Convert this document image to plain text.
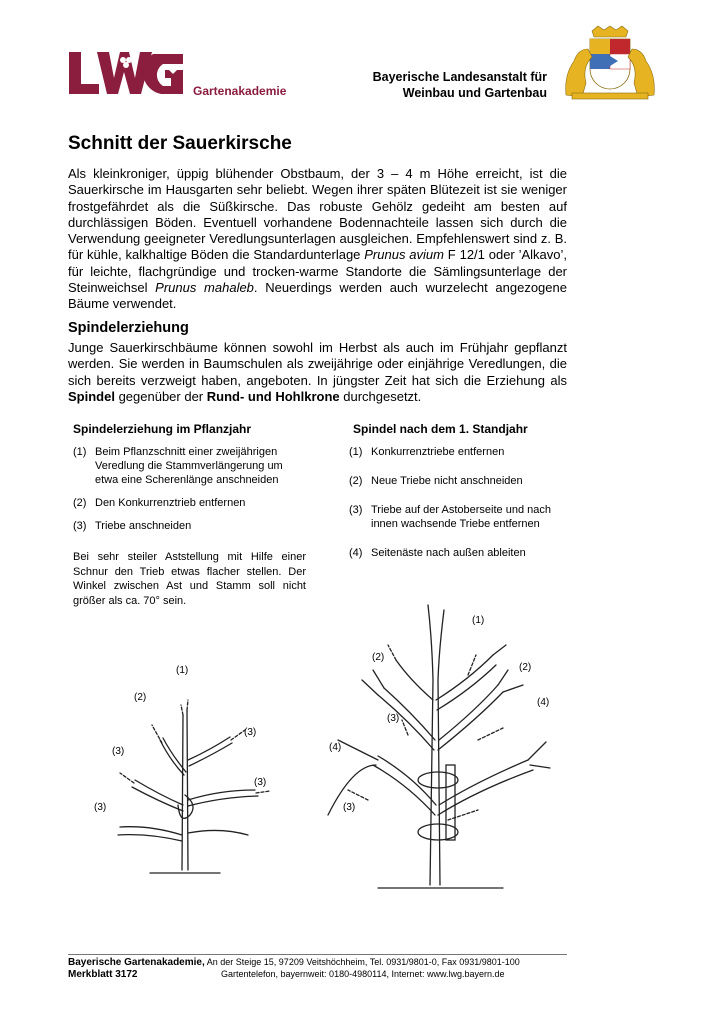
Gartenakademie
Bayerische Landesanstalt für
Weinbau und Gartenbau
Schnitt der Sauerkirsche

Als kleinkroniger, üppig blühender Obstbaum, der 3 – 4 m Höhe erreicht, ist die Sauerkirsche im Hausgarten sehr beliebt. Wegen ihrer späten Blütezeit ist sie weniger frostgefährdet als die Süßkirsche. Das robuste Gehölz gedeiht am besten auf durchlässigen Böden. Eventuell vorhandene Bodennachteile lassen sich durch die Verwendung geeigneter Veredlungsunterlagen ausgleichen. Empfehlenswert sind z. B. für kühle, kalkhaltige Böden die Standardunterlage Prunus avium F 12/1 oder ’Alkavo’, für leichte, flachgründige und trocken-warme Standorte die Sämlingsunterlage der Steinweichsel Prunus mahaleb. Neuerdings werden auch wurzelecht angezogene Bäume verwendet.

Spindelerziehung

Junge Sauerkirschbäume können sowohl im Herbst als auch im Frühjahr gepflanzt werden. Sie werden in Baumschulen als zweijährige oder einjährige Veredlungen, die sich bereits verzweigt haben, angeboten. In jüngster Zeit hat sich die Erziehung als Spindel gegenüber der Rund- und Hohlkrone durchgesetzt.

Spindelerziehung im Pflanzjahr	Spindel nach dem 1. Standjahr
(1) Beim Pflanzschnitt einer zweijährigen Veredlung die Stammverlängerung um etwa eine Scherenlänge anschneiden
(2) Den Konkurrenztrieb entfernen
(3) Triebe anschneiden

Bei sehr steiler Aststellung mit Hilfe einer Schnur den Trieb etwas flacher stellen. Der Winkel zwischen Ast und Stamm soll nicht größer als ca. 70° sein.

(1) Konkurrenztriebe entfernen
(2) Neue Triebe nicht anschneiden
(3) Triebe auf der Astoberseite und nach innen wachsende Triebe entfernen
(4) Seitenäste nach außen ableiten
(1)
(2)
(3)
(3)
(3)
(3)
(1)
(2)
(2)
(4)
(3)
(4)
(3)
Bayerische Gartenakademie, An der Steige 15, 97209 Veitshöchheim, Tel. 0931/9801-0, Fax 0931/9801-100
Merkblatt 3172	Gartentelefon, bayernweit: 0180-4980114, Internet: www.lwg.bayern.de
